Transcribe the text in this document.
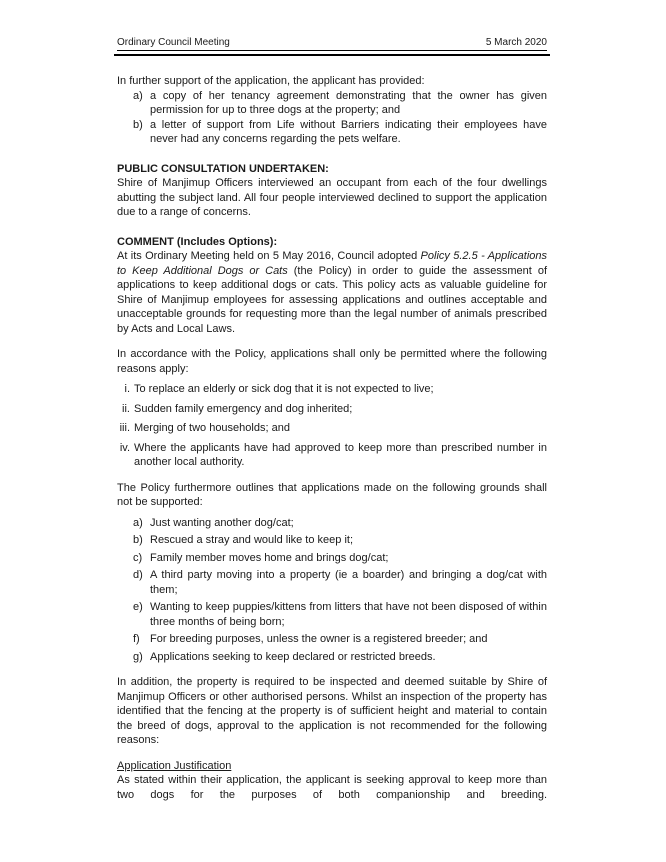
Ordinary Council Meeting	5 March 2020

In further support of the application, the applicant has provided:

a) a copy of her tenancy agreement demonstrating that the owner has given permission for up to three dogs at the property; and
b) a letter of support from Life without Barriers indicating their employees have never had any concerns regarding the pets welfare.
PUBLIC CONSULTATION UNDERTAKEN:

Shire of Manjimup Officers interviewed an occupant from each of the four dwellings abutting the subject land. All four people interviewed declined to support the application due to a range of concerns.

COMMENT (Includes Options):

At its Ordinary Meeting held on 5 May 2016, Council adopted Policy 5.2.5 - Applications to Keep Additional Dogs or Cats (the Policy) in order to guide the assessment of applications to keep additional dogs or cats. This policy acts as valuable guideline for Shire of Manjimup employees for assessing applications and outlines acceptable and unacceptable grounds for requesting more than the legal number of animals prescribed by Acts and Local Laws.

In accordance with the Policy, applications shall only be permitted where the following reasons apply:

i. To replace an elderly or sick dog that it is not expected to live;
ii. Sudden family emergency and dog inherited;
iii. Merging of two households; and
iv. Where the applicants have had approved to keep more than prescribed number in another local authority.

The Policy furthermore outlines that applications made on the following grounds shall not be supported:

a) Just wanting another dog/cat;
b) Rescued a stray and would like to keep it;
c) Family member moves home and brings dog/cat;
d) A third party moving into a property (ie a boarder) and bringing a dog/cat with them;
e) Wanting to keep puppies/kittens from litters that have not been disposed of within three months of being born;
f) For breeding purposes, unless the owner is a registered breeder; and
g) Applications seeking to keep declared or restricted breeds.

In addition, the property is required to be inspected and deemed suitable by Shire of Manjimup Officers or other authorised persons. Whilst an inspection of the property has identified that the fencing at the property is of sufficient height and material to contain the breed of dogs, approval to the application is not recommended for the following reasons:

Application Justification

As stated within their application, the applicant is seeking approval to keep more than two dogs for the purposes of both companionship and breeding.
